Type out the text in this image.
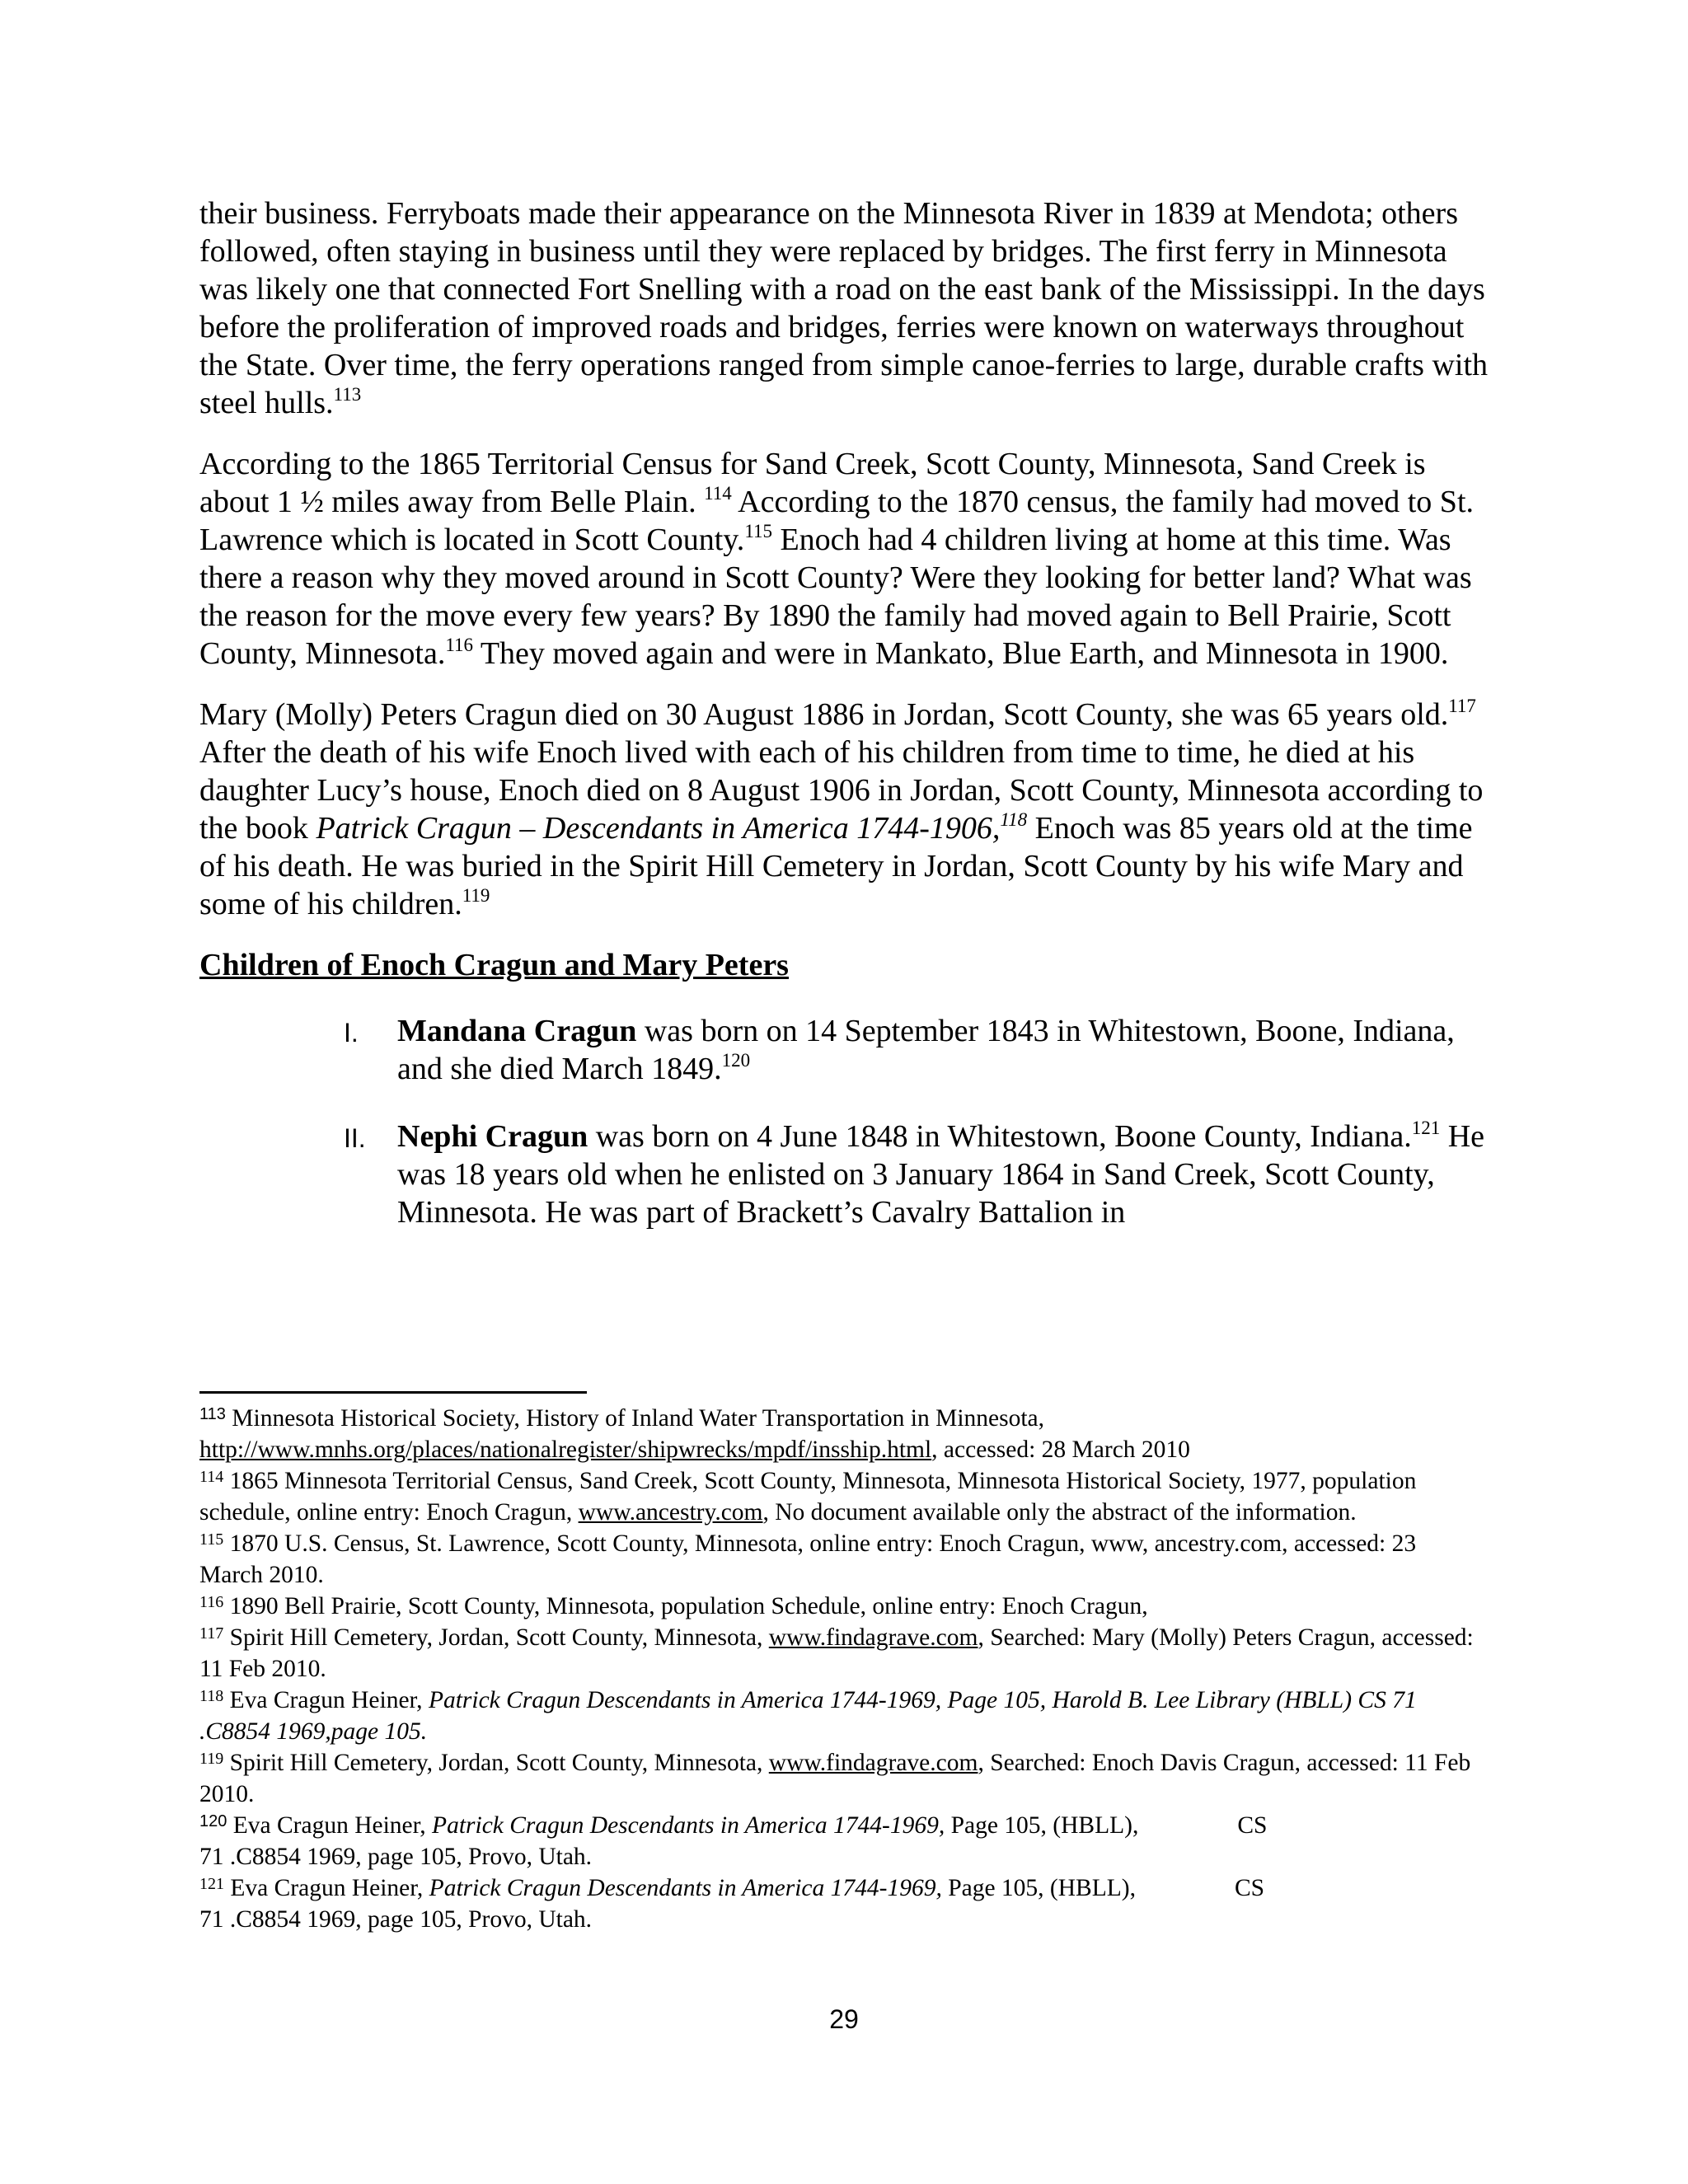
their business. Ferryboats made their appearance on the Minnesota River in 1839 at Mendota; others followed, often staying in business until they were replaced by bridges. The first ferry in Minnesota was likely one that connected Fort Snelling with a road on the east bank of the Mississippi. In the days before the proliferation of improved roads and bridges, ferries were known on waterways throughout the State. Over time, the ferry operations ranged from simple canoe-ferries to large, durable crafts with steel hulls.$^{113}$

According to the 1865 Territorial Census for Sand Creek, Scott County, Minnesota, Sand Creek is about 1 ½ miles away from Belle Plain. $^{114}$ According to the 1870 census, the family had moved to St. Lawrence which is located in Scott County.$^{115}$ Enoch had 4 children living at home at this time. Was there a reason why they moved around in Scott County? Were they looking for better land? What was the reason for the move every few years? By 1890 the family had moved again to Bell Prairie, Scott County, Minnesota.$^{116}$ They moved again and were in Mankato, Blue Earth, and Minnesota in 1900.

Mary (Molly) Peters Cragun died on 30 August 1886 in Jordan, Scott County, she was 65 years old.$^{117}$ After the death of his wife Enoch lived with each of his children from time to time, he died at his daughter Lucy’s house, Enoch died on 8 August 1906 in Jordan, Scott County, Minnesota according to the book Patrick Cragun – Descendants in America 1744-1906,$^{118}$ Enoch was 85 years old at the time of his death. He was buried in the Spirit Hill Cemetery in Jordan, Scott County by his wife Mary and some of his children.$^{119}$

Children of Enoch Cragun and Mary Peters

I. Mandana Cragun was born on 14 September 1843 in Whitestown, Boone, Indiana, and she died March 1849.$^{120}$
II. Nephi Cragun was born on 4 June 1848 in Whitestown, Boone County, Indiana.$^{121}$ He was 18 years old when he enlisted on 3 January 1864 in Sand Creek, Scott County, Minnesota. He was part of Brackett’s Cavalry Battalion in

$^{113}$ Minnesota Historical Society, History of Inland Water Transportation in Minnesota, http://www.mnhs.org/places/nationalregister/shipwrecks/mpdf/insship.html, accessed: 28 March 2010

$^{114}$ 1865 Minnesota Territorial Census, Sand Creek, Scott County, Minnesota, Minnesota Historical Society, 1977, population schedule, online entry: Enoch Cragun, www.ancestry.com, No document available only the abstract of the information.

$^{115}$ 1870 U.S. Census, St. Lawrence, Scott County, Minnesota, online entry: Enoch Cragun, www, ancestry.com, accessed: 23 March 2010.

$^{116}$ 1890 Bell Prairie, Scott County, Minnesota, population Schedule, online entry: Enoch Cragun,

$^{117}$ Spirit Hill Cemetery, Jordan, Scott County, Minnesota, www.findagrave.com, Searched: Mary (Molly) Peters Cragun, accessed: 11 Feb 2010.

$^{118}$ Eva Cragun Heiner, Patrick Cragun Descendants in America 1744-1969, Page 105, Harold B. Lee Library (HBLL) CS 71 .C8854 1969,page 105.

$^{119}$ Spirit Hill Cemetery, Jordan, Scott County, Minnesota, www.findagrave.com, Searched: Enoch Davis Cragun, accessed: 11 Feb 2010.

$^{120}$ Eva Cragun Heiner, Patrick Cragun Descendants in America 1744-1969, Page 105, (HBLL),	CS
71 .C8854 1969, page 105, Provo, Utah.

$^{121}$ Eva Cragun Heiner, Patrick Cragun Descendants in America 1744-1969, Page 105, (HBLL),	CS
71 .C8854 1969, page 105, Provo, Utah.

29
